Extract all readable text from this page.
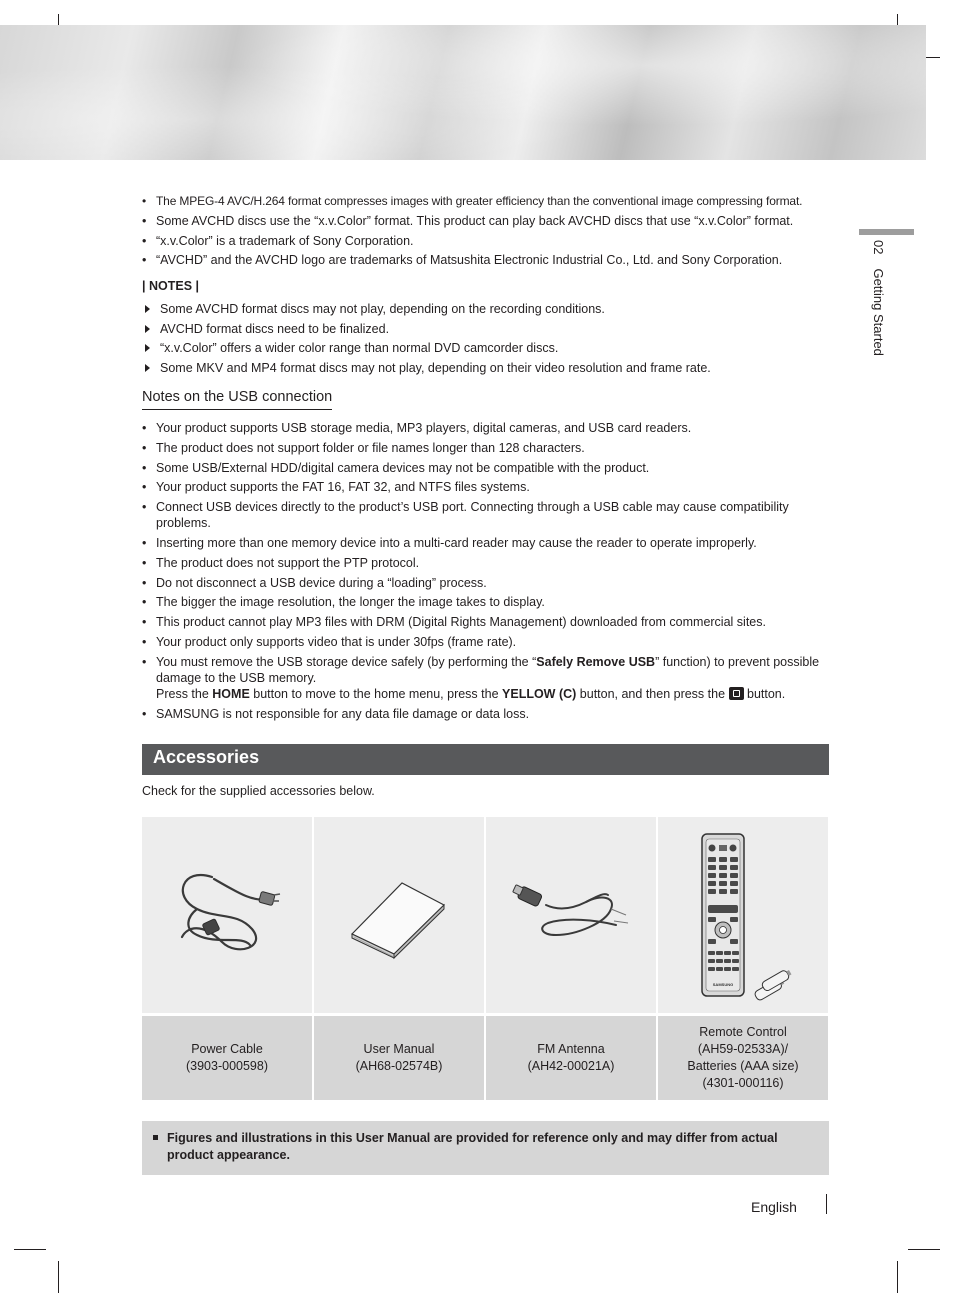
02Getting Started
• The MPEG-4 AVC/H.264 format compresses images with greater efficiency than the conventional image compressing format.
• Some AVCHD discs use the “x.v.Color” format. This product can play back AVCHD discs that use “x.v.Color” format.
• “x.v.Color” is a trademark of Sony Corporation.
• “AVCHD” and the AVCHD logo are trademarks of Matsushita Electronic Industrial Co., Ltd. and Sony Corporation.
| NOTES |
Some AVCHD format discs may not play, depending on the recording conditions.
AVCHD format discs need to be finalized.
“x.v.Color” offers a wider color range than normal DVD camcorder discs.
Some MKV and MP4 format discs may not play, depending on their video resolution and frame rate.
Notes on the USB connection
• Your product supports USB storage media, MP3 players, digital cameras, and USB card readers.
• The product does not support folder or file names longer than 128 characters.
• Some USB/External HDD/digital camera devices may not be compatible with the product.
• Your product supports the FAT 16, FAT 32, and NTFS files systems.
• Connect USB devices directly to the product’s USB port. Connecting through a USB cable may cause compatibility problems.
• Inserting more than one memory device into a multi-card reader may cause the reader to operate improperly.
• The product does not support the PTP protocol.
• Do not disconnect a USB device during a “loading” process.
• The bigger the image resolution, the longer the image takes to display.
• This product cannot play MP3 files with DRM (Digital Rights Management) downloaded from commercial sites.
• Your product only supports video that is under 30fps (frame rate).
• You must remove the USB storage device safely (by performing the “Safely Remove USB” function) to prevent possible damage to the USB memory.
Press the HOME button to move to the home menu, press the YELLOW (C) button, and then press the  button.
• SAMSUNG is not responsible for any data file damage or data loss.
Accessories
Check for the supplied accessories below.
SAMSUNG
Power Cable
(3903-000598)
User Manual
(AH68-02574B)
FM Antenna
(AH42-00021A)
Remote Control
(AH59-02533A)/
Batteries (AAA size)
(4301-000116)
Figures and illustrations in this User Manual are provided for reference only and may differ from actual product appearance.
English
